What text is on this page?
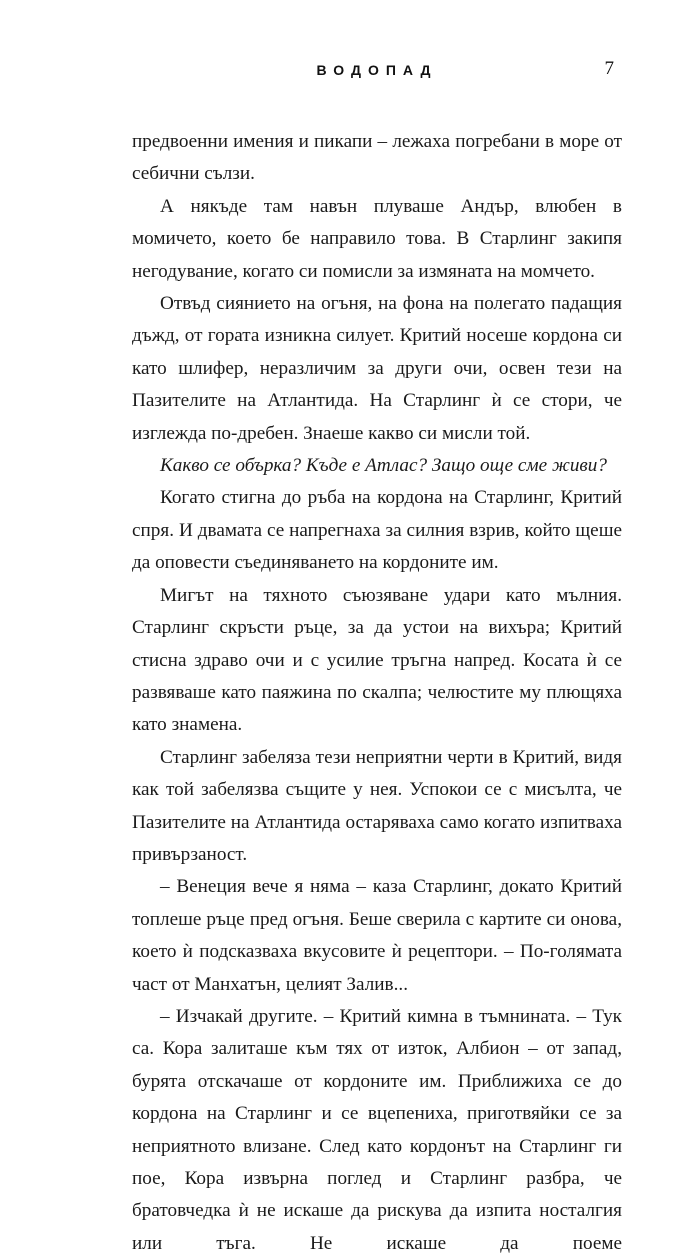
ВОДОПАД	7

предвоенни имения и пикапи – лежаха погребани в море от себични сълзи.

А някъде там навън плуваше Андър, влюбен в момичето, което бе направило това. В Старлинг закипя негодувание, когато си помисли за измяната на момчето.

Отвъд сиянието на огъня, на фона на полегато падащия дъжд, от гората изникна силует. Критий носеше кордона си като шлифер, неразличим за други очи, освен тези на Пазителите на Атлантида. На Старлинг ѝ се стори, че изглежда по-дребен. Знаеше какво си мисли той.

Какво се обърка? Къде е Атлас? Защо още сме живи?

Когато стигна до ръба на кордона на Старлинг, Критий спря. И двамата се напрегнаха за силния взрив, който щеше да оповести съединяването на кордоните им.

Мигът на тяхното съюзяване удари като мълния. Старлинг скръсти ръце, за да устои на вихъра; Критий стисна здраво очи и с усилие тръгна напред. Косата ѝ се развяваше като паяжина по скалпа; челюстите му плющяха като знамена.

Старлинг забеляза тези неприятни черти в Критий, видя как той забелязва същите у нея. Успокои се с мисълта, че Пазителите на Атлантида остаряваха само когато изпитваха привързаност.

– Венеция вече я няма – каза Старлинг, докато Критий топлеше ръце пред огъня. Беше сверила с картите си онова, което ѝ подсказваха вкусовите ѝ рецептори. – По-голямата част от Манхатън, целият Залив...

– Изчакай другите. – Критий кимна в тъмнината. – Тук са. Кора залиташе към тях от изток, Албион – от запад, бурята отскачаше от кордоните им. Приближиха се до кордона на Старлинг и се вцепениха, приготвяйки се за неприятното влизане. След като кордонът на Старлинг ги пое, Кора извърна поглед и Старлинг разбра, че братовчедка ѝ не искаше да рискува да изпита носталгия или тъга. Не искаше да поеме
